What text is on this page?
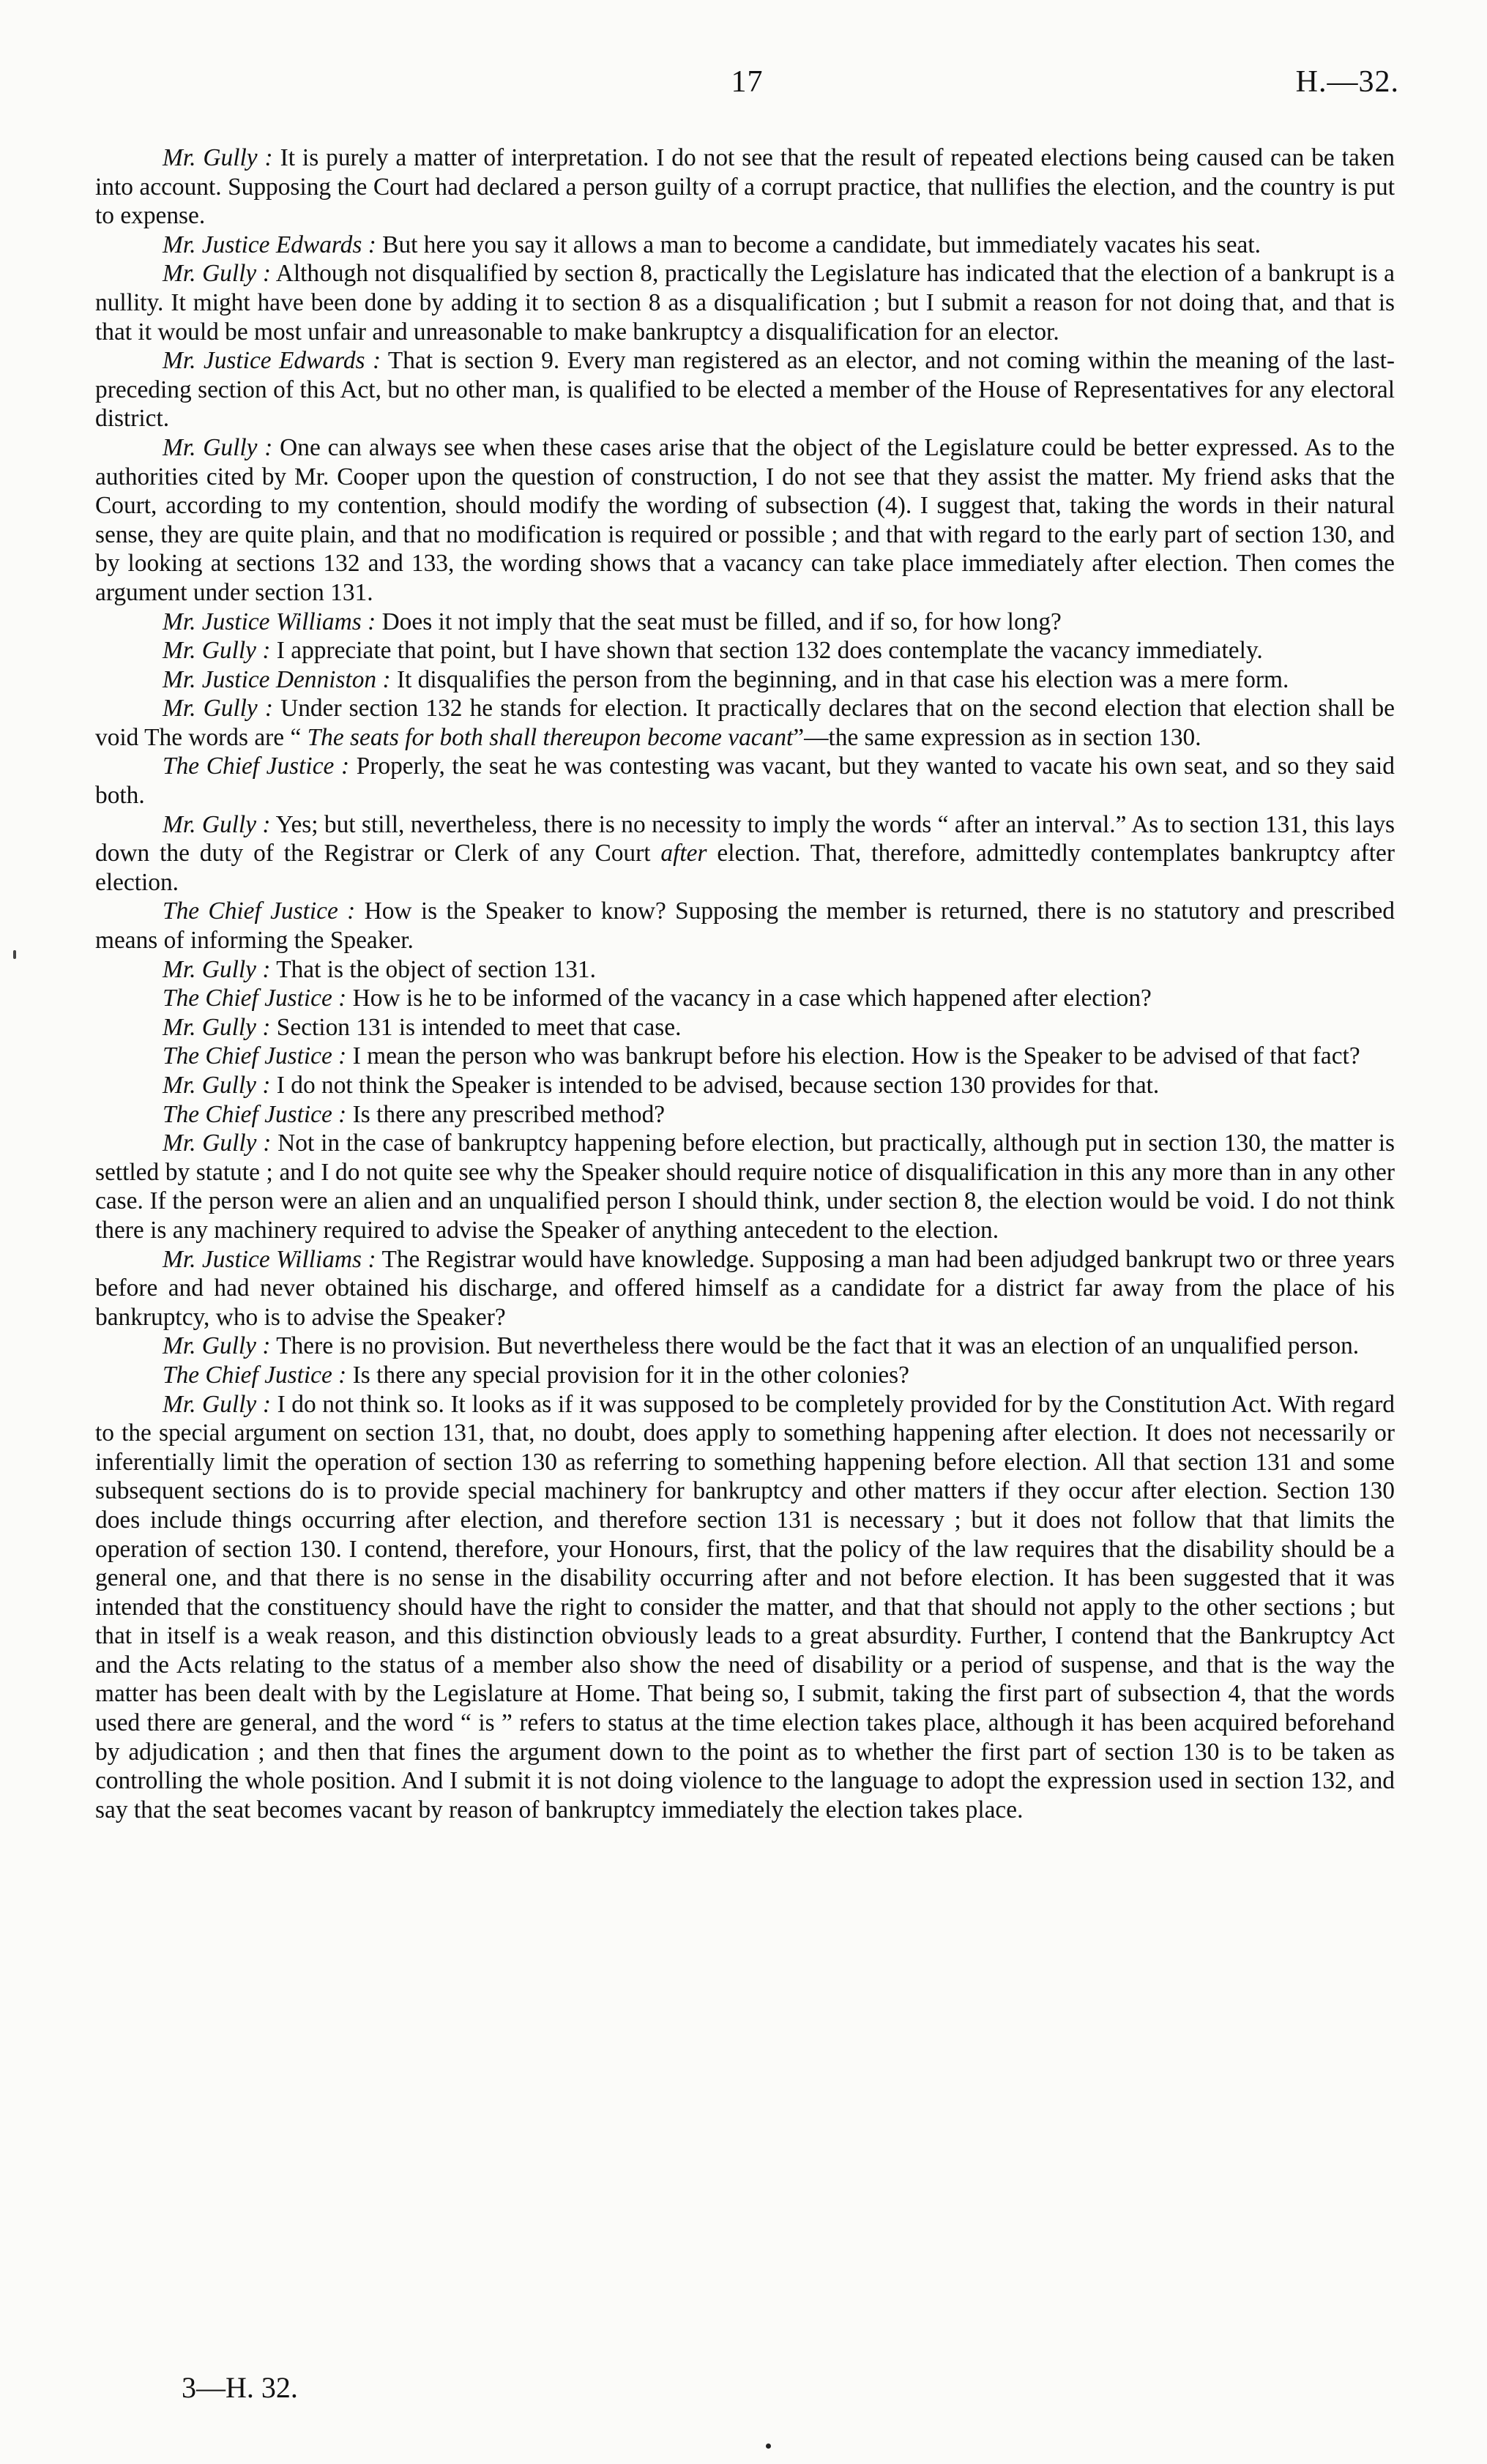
17	H.—32.

Mr. Gully : It is purely a matter of interpretation. I do not see that the result of repeated elections being caused can be taken into account. Supposing the Court had declared a person guilty of a corrupt practice, that nullifies the election, and the country is put to expense.

Mr. Justice Edwards : But here you say it allows a man to become a candidate, but immediately vacates his seat.

Mr. Gully : Although not disqualified by section 8, practically the Legislature has indicated that the election of a bankrupt is a nullity. It might have been done by adding it to section 8 as a disqualification ; but I submit a reason for not doing that, and that is that it would be most unfair and unreasonable to make bankruptcy a disqualification for an elector.

Mr. Justice Edwards : That is section 9. Every man registered as an elector, and not coming within the meaning of the last-preceding section of this Act, but no other man, is qualified to be elected a member of the House of Representatives for any electoral district.

Mr. Gully : One can always see when these cases arise that the object of the Legislature could be better expressed. As to the authorities cited by Mr. Cooper upon the question of construction, I do not see that they assist the matter. My friend asks that the Court, according to my contention, should modify the wording of subsection (4). I suggest that, taking the words in their natural sense, they are quite plain, and that no modification is required or possible ; and that with regard to the early part of section 130, and by looking at sections 132 and 133, the wording shows that a vacancy can take place immediately after election. Then comes the argument under section 131.

Mr. Justice Williams : Does it not imply that the seat must be filled, and if so, for how long?

Mr. Gully : I appreciate that point, but I have shown that section 132 does contemplate the vacancy immediately.

Mr. Justice Denniston : It disqualifies the person from the beginning, and in that case his election was a mere form.

Mr. Gully : Under section 132 he stands for election. It practically declares that on the second election that election shall be void The words are “ The seats for both shall thereupon become vacant”—the same expression as in section 130.

The Chief Justice : Properly, the seat he was contesting was vacant, but they wanted to vacate his own seat, and so they said both.

Mr. Gully : Yes; but still, nevertheless, there is no necessity to imply the words “ after an interval.” As to section 131, this lays down the duty of the Registrar or Clerk of any Court after election. That, therefore, admittedly contemplates bankruptcy after election.

The Chief Justice : How is the Speaker to know? Supposing the member is returned, there is no statutory and prescribed means of informing the Speaker.

Mr. Gully : That is the object of section 131.

The Chief Justice : How is he to be informed of the vacancy in a case which happened after election?

Mr. Gully : Section 131 is intended to meet that case.

The Chief Justice : I mean the person who was bankrupt before his election. How is the Speaker to be advised of that fact?

Mr. Gully : I do not think the Speaker is intended to be advised, because section 130 provides for that.

The Chief Justice : Is there any prescribed method?

Mr. Gully : Not in the case of bankruptcy happening before election, but practically, although put in section 130, the matter is settled by statute ; and I do not quite see why the Speaker should require notice of disqualification in this any more than in any other case. If the person were an alien and an unqualified person I should think, under section 8, the election would be void. I do not think there is any machinery required to advise the Speaker of anything antecedent to the election.

Mr. Justice Williams : The Registrar would have knowledge. Supposing a man had been adjudged bankrupt two or three years before and had never obtained his discharge, and offered himself as a candidate for a district far away from the place of his bankruptcy, who is to advise the Speaker?

Mr. Gully : There is no provision. But nevertheless there would be the fact that it was an election of an unqualified person.

The Chief Justice : Is there any special provision for it in the other colonies?

Mr. Gully : I do not think so. It looks as if it was supposed to be completely provided for by the Constitution Act. With regard to the special argument on section 131, that, no doubt, does apply to something happening after election. It does not necessarily or inferentially limit the operation of section 130 as referring to something happening before election. All that section 131 and some subsequent sections do is to provide special machinery for bankruptcy and other matters if they occur after election. Section 130 does include things occurring after election, and therefore section 131 is necessary ; but it does not follow that that limits the operation of section 130. I contend, therefore, your Honours, first, that the policy of the law requires that the disability should be a general one, and that there is no sense in the disability occurring after and not before election. It has been suggested that it was intended that the constituency should have the right to consider the matter, and that that should not apply to the other sections ; but that in itself is a weak reason, and this distinction obviously leads to a great absurdity. Further, I contend that the Bankruptcy Act and the Acts relating to the status of a member also show the need of disability or a period of suspense, and that is the way the matter has been dealt with by the Legislature at Home. That being so, I submit, taking the first part of subsection 4, that the words used there are general, and the word “ is ” refers to status at the time election takes place, although it has been acquired beforehand by adjudication ; and then that fines the argument down to the point as to whether the first part of section 130 is to be taken as controlling the whole position. And I submit it is not doing violence to the language to adopt the expression used in section 132, and say that the seat becomes vacant by reason of bankruptcy immediately the election takes place.

3—H. 32.
